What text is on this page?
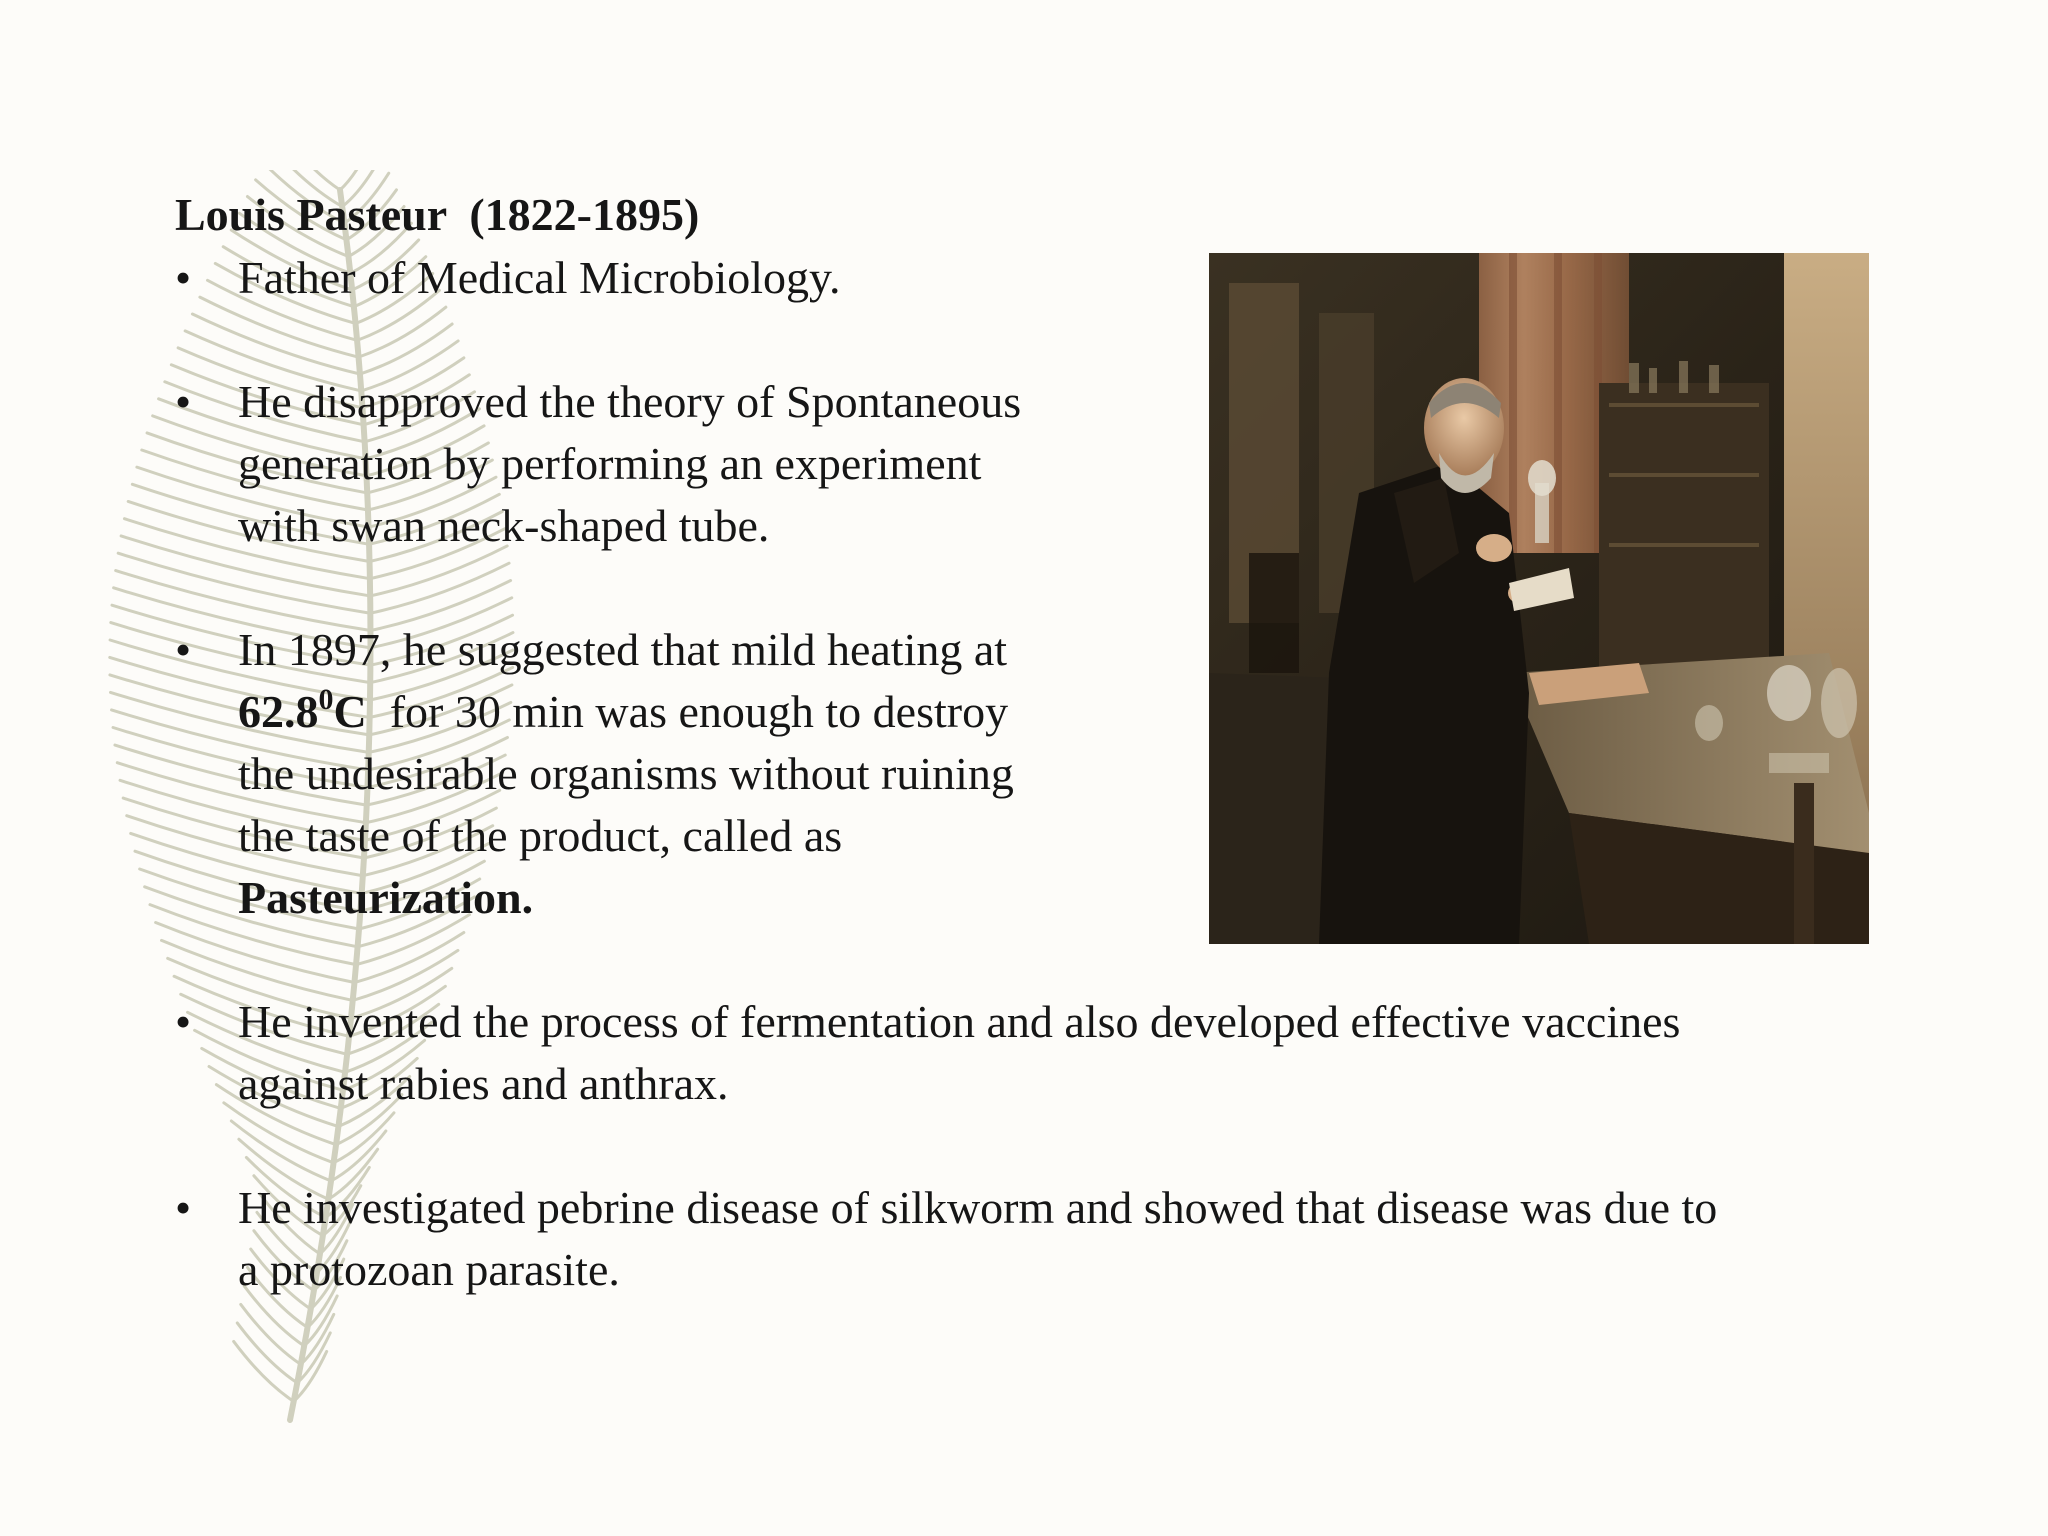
Louis Pasteur  (1822-1895)
• Father of Medical Microbiology.
• He disapproved the theory of Spontaneous
generation by performing an experiment
with swan neck-shaped tube.
• In 1897, he suggested that mild heating at
62.8$^0$C  for 30 min was enough to destroy
the undesirable organisms without ruining
the taste of the product, called as
Pasteurization.
• He invented the process of fermentation and also developed effective vaccines
against rabies and anthrax.
• He investigated pebrine disease of silkworm and showed that disease was due to
a protozoan parasite.
